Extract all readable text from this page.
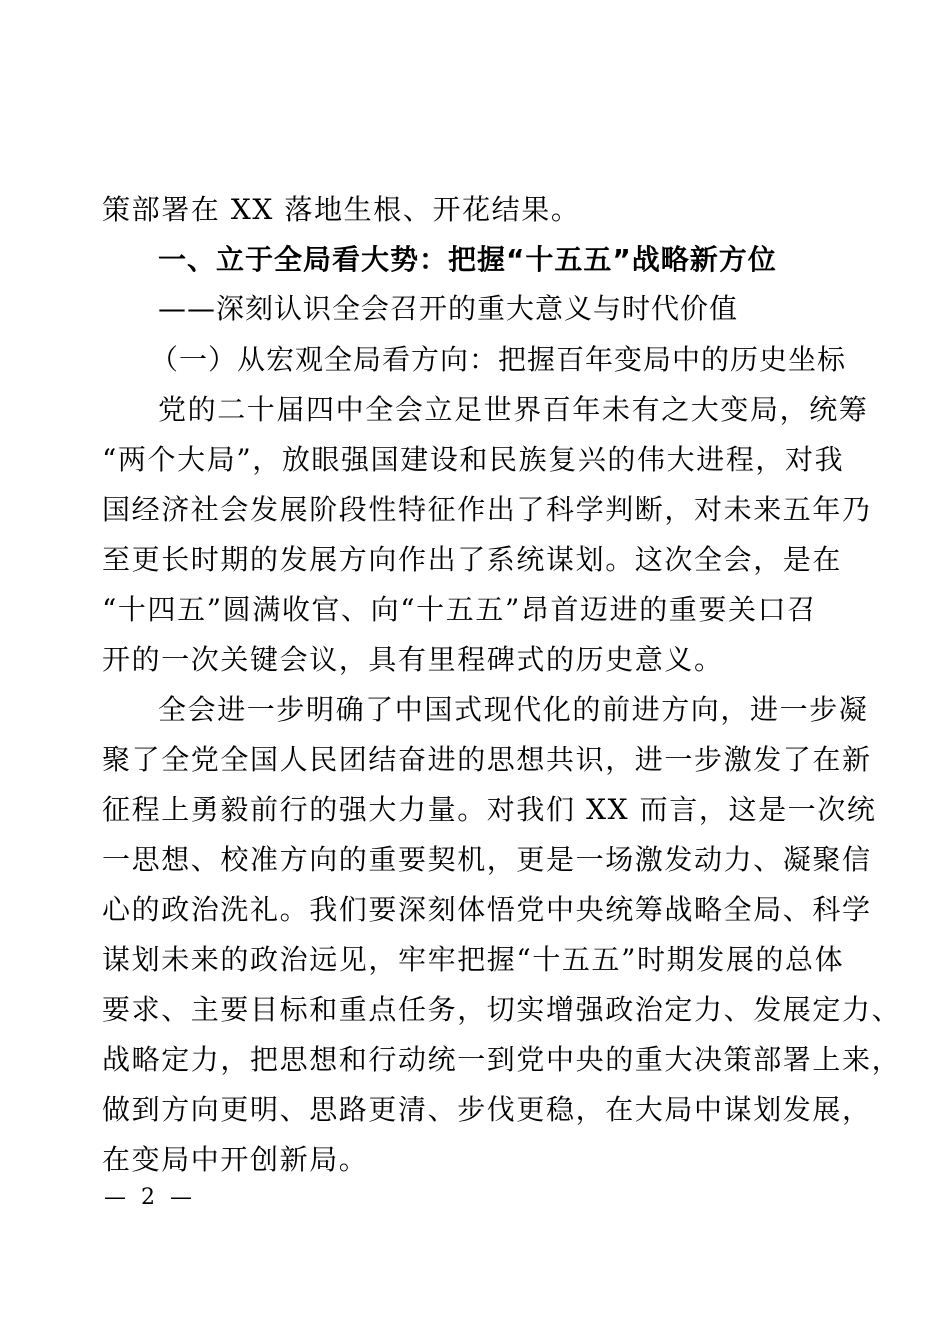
策部署在 XX 落地生根、开花结果。
一、立于全局看大势：把握“十五五”战略新方位
——深刻认识全会召开的重大意义与时代价值
（一）从宏观全局看方向：把握百年变局中的历史坐标
党的二十届四中全会立足世界百年未有之大变局，统筹
“两个大局”，放眼强国建设和民族复兴的伟大进程，对我
国经济社会发展阶段性特征作出了科学判断，对未来五年乃
至更长时期的发展方向作出了系统谋划。这次全会，是在
“十四五”圆满收官、向“十五五”昂首迈进的重要关口召
开的一次关键会议，具有里程碑式的历史意义。
全会进一步明确了中国式现代化的前进方向，进一步凝
聚了全党全国人民团结奋进的思想共识，进一步激发了在新
征程上勇毅前行的强大力量。对我们 XX 而言，这是一次统
一思想、校准方向的重要契机，更是一场激发动力、凝聚信
心的政治洗礼。我们要深刻体悟党中央统筹战略全局、科学
谋划未来的政治远见，牢牢把握“十五五”时期发展的总体
要求、主要目标和重点任务，切实增强政治定力、发展定力、
战略定力，把思想和行动统一到党中央的重大决策部署上来，
做到方向更明、思路更清、步伐更稳，在大局中谋划发展，
在变局中开创新局。
— 2 —
